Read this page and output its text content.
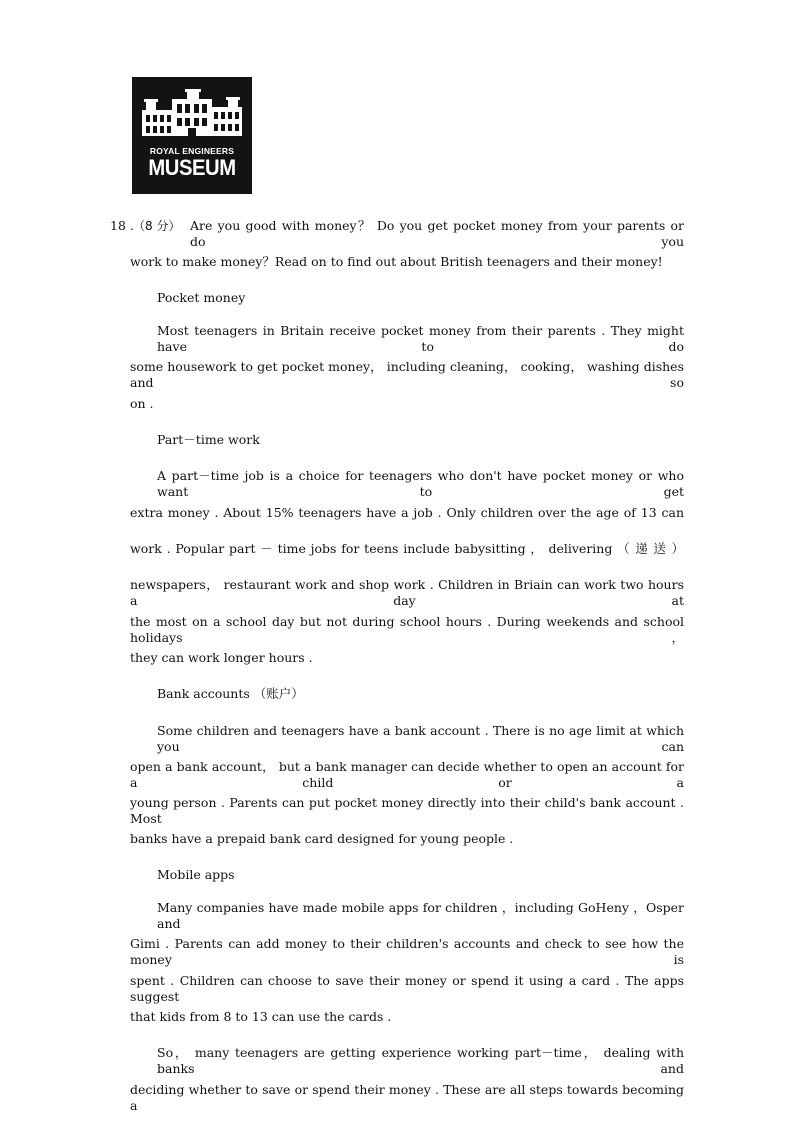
ROYAL ENGINEERS
MUSEUM

18 . （8 分） Are you good with money？ Do you get pocket money from your parents or do you

work to make money？Read on to find out about British teenagers and their money!

Pocket money

Most teenagers in Britain receive pocket money from their parents . They might have to do

some housework to get pocket money， including cleaning， cooking， washing dishes and so

on .

Part－time work

A part－time job is a choice for teenagers who don't have pocket money or who want to get

extra money . About 15% teenagers have a job . Only children over the age of 13 can

work . Popular part － time jobs for teens include babysitting ， delivering （ 递 送 ）

newspapers， restaurant work and shop work . Children in Briain can work two hours a day at

the most on a school day but not during school hours . During weekends and school holidays，

they can work longer hours .

Bank accounts （账户）

Some children and teenagers have a bank account . There is no age limit at which you can

open a bank account， but a bank manager can decide whether to open an account for a child or a

young person . Parents can put pocket money directly into their child's bank account . Most

banks have a prepaid bank card designed for young people .

Mobile apps

Many companies have made mobile apps for children ，including GoHeny ，Osper and

Gimi . Parents can add money to their children's accounts and check to see how the money is

spent . Children can choose to save their money or spend it using a card . The apps suggest

that kids from 8 to 13 can use the cards .

So， many teenagers are getting experience working part－time， dealing with banks and

deciding whether to save or spend their money . These are all steps towards becoming a
